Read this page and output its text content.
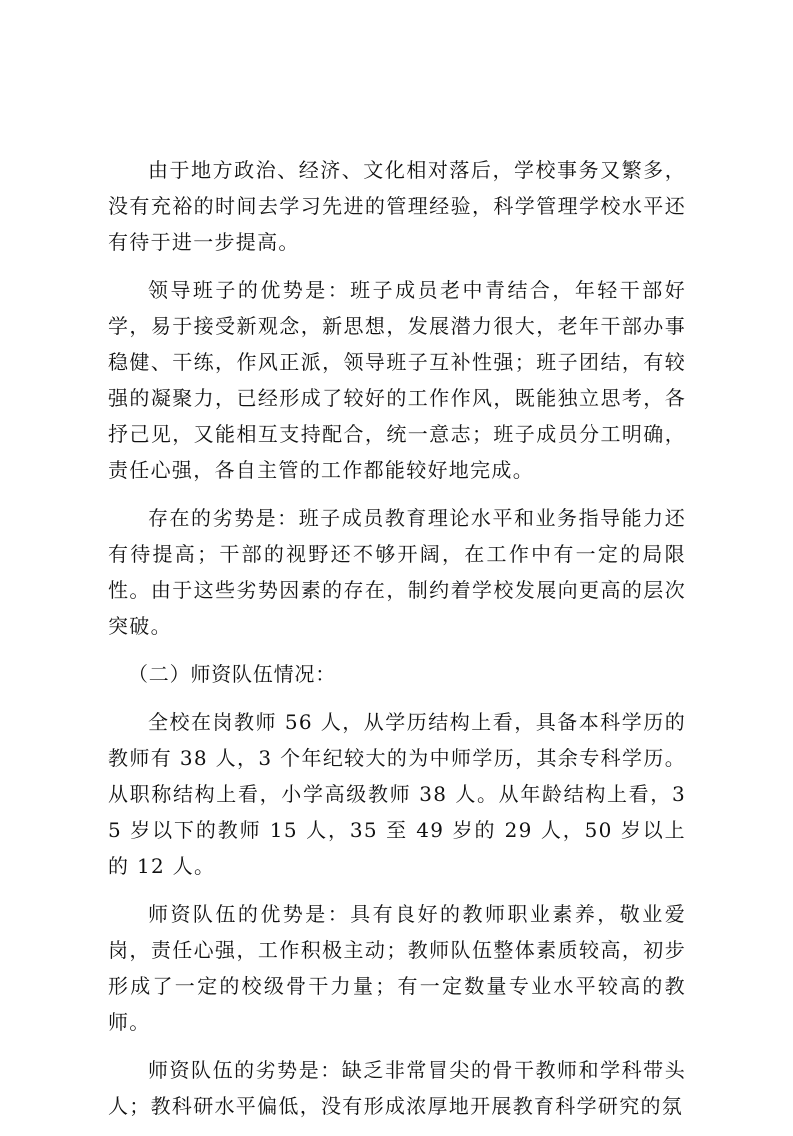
由于地方政治、经济、文化相对落后，学校事务又繁多，没有充裕的时间去学习先进的管理经验，科学管理学校水平还有待于进一步提高。

领导班子的优势是：班子成员老中青结合，年轻干部好学，易于接受新观念，新思想，发展潜力很大，老年干部办事稳健、干练，作风正派，领导班子互补性强；班子团结，有较强的凝聚力，已经形成了较好的工作作风，既能独立思考，各抒己见，又能相互支持配合，统一意志；班子成员分工明确，责任心强，各自主管的工作都能较好地完成。

存在的劣势是：班子成员教育理论水平和业务指导能力还有待提高；干部的视野还不够开阔，在工作中有一定的局限性。由于这些劣势因素的存在，制约着学校发展向更高的层次突破。

（二）师资队伍情况：

全校在岗教师 56 人，从学历结构上看，具备本科学历的教师有 38 人，3 个年纪较大的为中师学历，其余专科学历。从职称结构上看，小学高级教师 38 人。从年龄结构上看，35 岁以下的教师 15 人，35 至 49 岁的 29 人，50 岁以上的 12 人。

师资队伍的优势是：具有良好的教师职业素养，敬业爱岗，责任心强，工作积极主动；教师队伍整体素质较高，初步形成了一定的校级骨干力量；有一定数量专业水平较高的教师。

师资队伍的劣势是：缺乏非常冒尖的骨干教师和学科带头人；教科研水平偏低，没有形成浓厚地开展教育科学研究的氛
